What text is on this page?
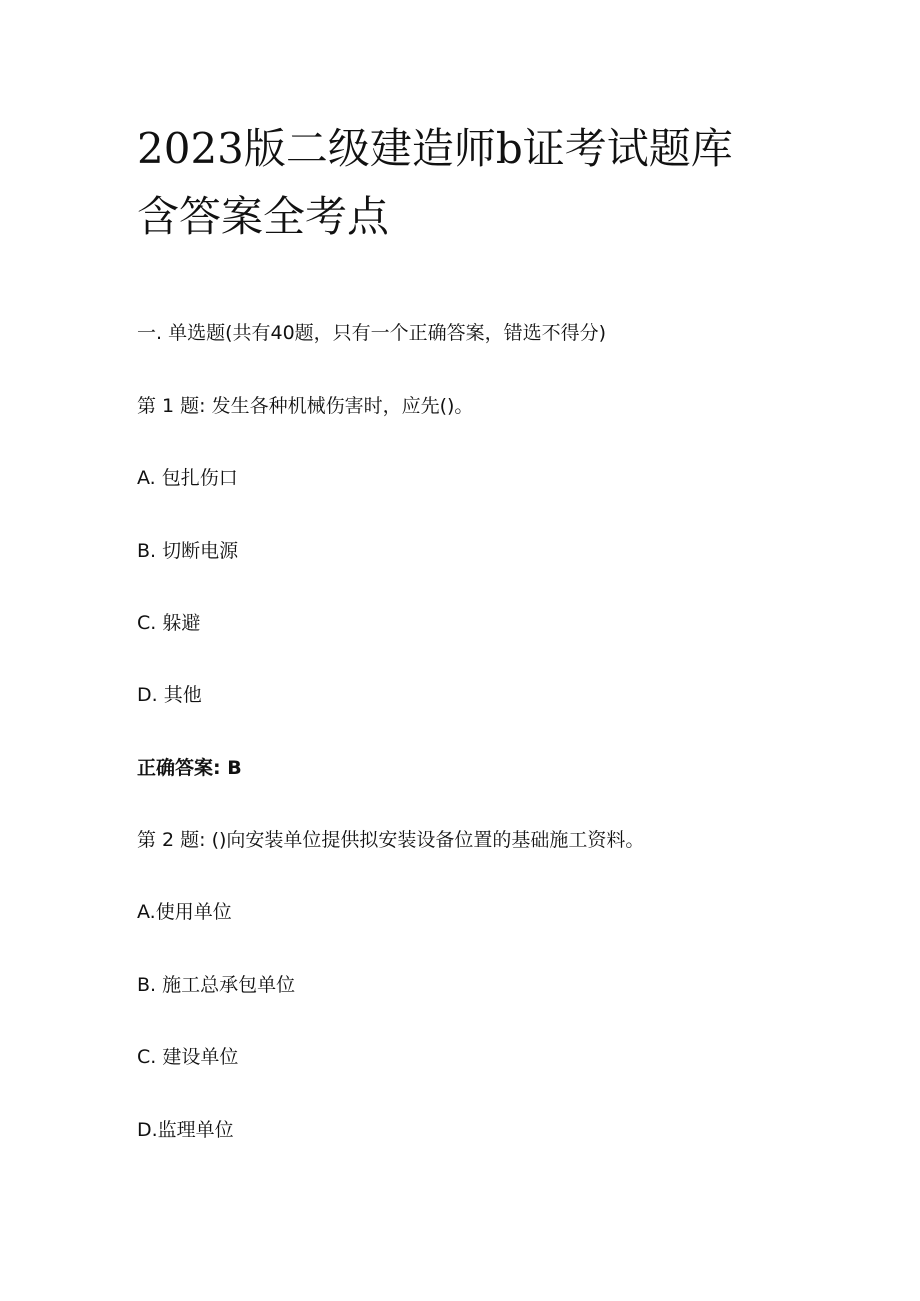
2023版二级建造师b证考试题库
含答案全考点
一. 单选题(共有40题，只有一个正确答案，错选不得分)
第 1 题: 发生各种机械伤害时，应先()。
A. 包扎伤口
B. 切断电源
C. 躲避
D. 其他
正确答案: B
第 2 题: ()向安装单位提供拟安装设备位置的基础施工资料。
A.使用单位
B. 施工总承包单位
C. 建设单位
D.监理单位
